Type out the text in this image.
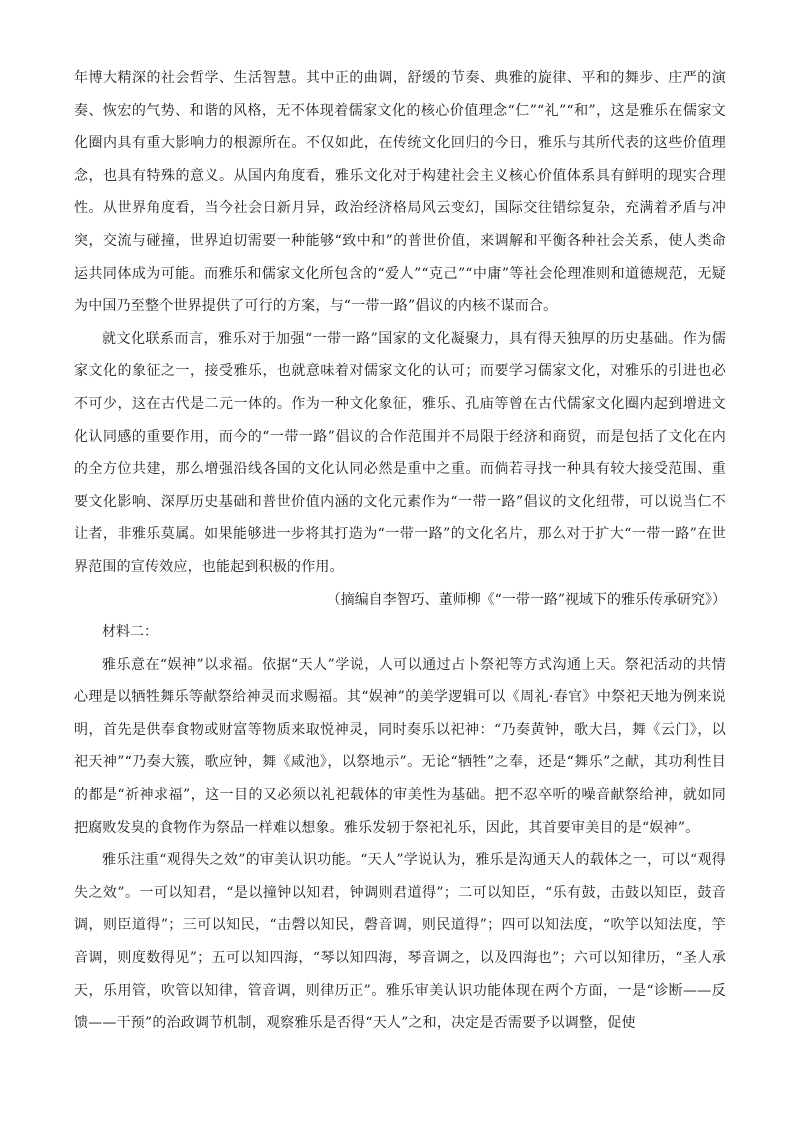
年博大精深的社会哲学、生活智慧。其中正的曲调，舒缓的节奏、典雅的旋律、平和的舞步、庄严的演奏、恢宏的气势、和谐的风格，无不体现着儒家文化的核心价值理念“仁”“礼”“和”，这是雅乐在儒家文化圈内具有重大影响力的根源所在。不仅如此，在传统文化回归的今日，雅乐与其所代表的这些价值理念，也具有特殊的意义。从国内角度看，雅乐文化对于构建社会主义核心价值体系具有鲜明的现实合理性。从世界角度看，当今社会日新月异，政治经济格局风云变幻，国际交往错综复杂，充满着矛盾与冲突，交流与碰撞，世界迫切需要一种能够“致中和”的普世价值，来调解和平衡各种社会关系，使人类命运共同体成为可能。而雅乐和儒家文化所包含的“爱人”“克己”“中庸”等社会伦理准则和道德规范，无疑为中国乃至整个世界提供了可行的方案，与“一带一路”倡议的内核不谋而合。

就文化联系而言，雅乐对于加强“一带一路”国家的文化凝聚力，具有得天独厚的历史基础。作为儒家文化的象征之一，接受雅乐，也就意味着对儒家文化的认可；而要学习儒家文化，对雅乐的引进也必不可少，这在古代是二元一体的。作为一种文化象征，雅乐、孔庙等曾在古代儒家文化圈内起到增进文化认同感的重要作用，而今的“一带一路”倡议的合作范围并不局限于经济和商贸，而是包括了文化在内的全方位共建，那么增强沿线各国的文化认同必然是重中之重。而倘若寻找一种具有较大接受范围、重要文化影响、深厚历史基础和普世价值内涵的文化元素作为“一带一路”倡议的文化纽带，可以说当仁不让者，非雅乐莫属。如果能够进一步将其打造为“一带一路”的文化名片，那么对于扩大“一带一路”在世界范围的宣传效应，也能起到积极的作用。

（摘编自李智巧、董师柳《“一带一路”视域下的雅乐传承研究》）

材料二：

雅乐意在“娱神”以求福。依据“天人”学说，人可以通过占卜祭祀等方式沟通上天。祭祀活动的共情心理是以牺牲舞乐等献祭给神灵而求赐福。其“娱神”的美学逻辑可以《周礼·春官》中祭祀天地为例来说明，首先是供奉食物或财富等物质来取悦神灵，同时奏乐以祀神：“乃奏黄钟，歌大吕，舞《云门》，以祀天神”“乃奏大簇，歌应钟，舞《咸池》，以祭地示”。无论“牺牲”之奉，还是“舞乐”之献，其功利性目的都是“祈神求福”，这一目的又必须以礼祀载体的审美性为基础。把不忍卒听的噪音献祭给神，就如同把腐败发臭的食物作为祭品一样难以想象。雅乐发轫于祭祀礼乐，因此，其首要审美目的是“娱神”。

雅乐注重“观得失之效”的审美认识功能。“天人”学说认为，雅乐是沟通天人的载体之一，可以“观得失之效”。一可以知君，“是以撞钟以知君，钟调则君道得”；二可以知臣，“乐有鼓，击鼓以知臣，鼓音调，则臣道得”；三可以知民，“击磬以知民，磬音调，则民道得”；四可以知法度，“吹竽以知法度，竽音调，则度数得见”；五可以知四海，“琴以知四海，琴音调之，以及四海也”；六可以知律历，“圣人承天，乐用管，吹管以知律，管音调，则律历正”。雅乐审美认识功能体现在两个方面，一是“诊断——反馈——干预”的治政调节机制，观察雅乐是否得“天人”之和，决定是否需要予以调整，促使
